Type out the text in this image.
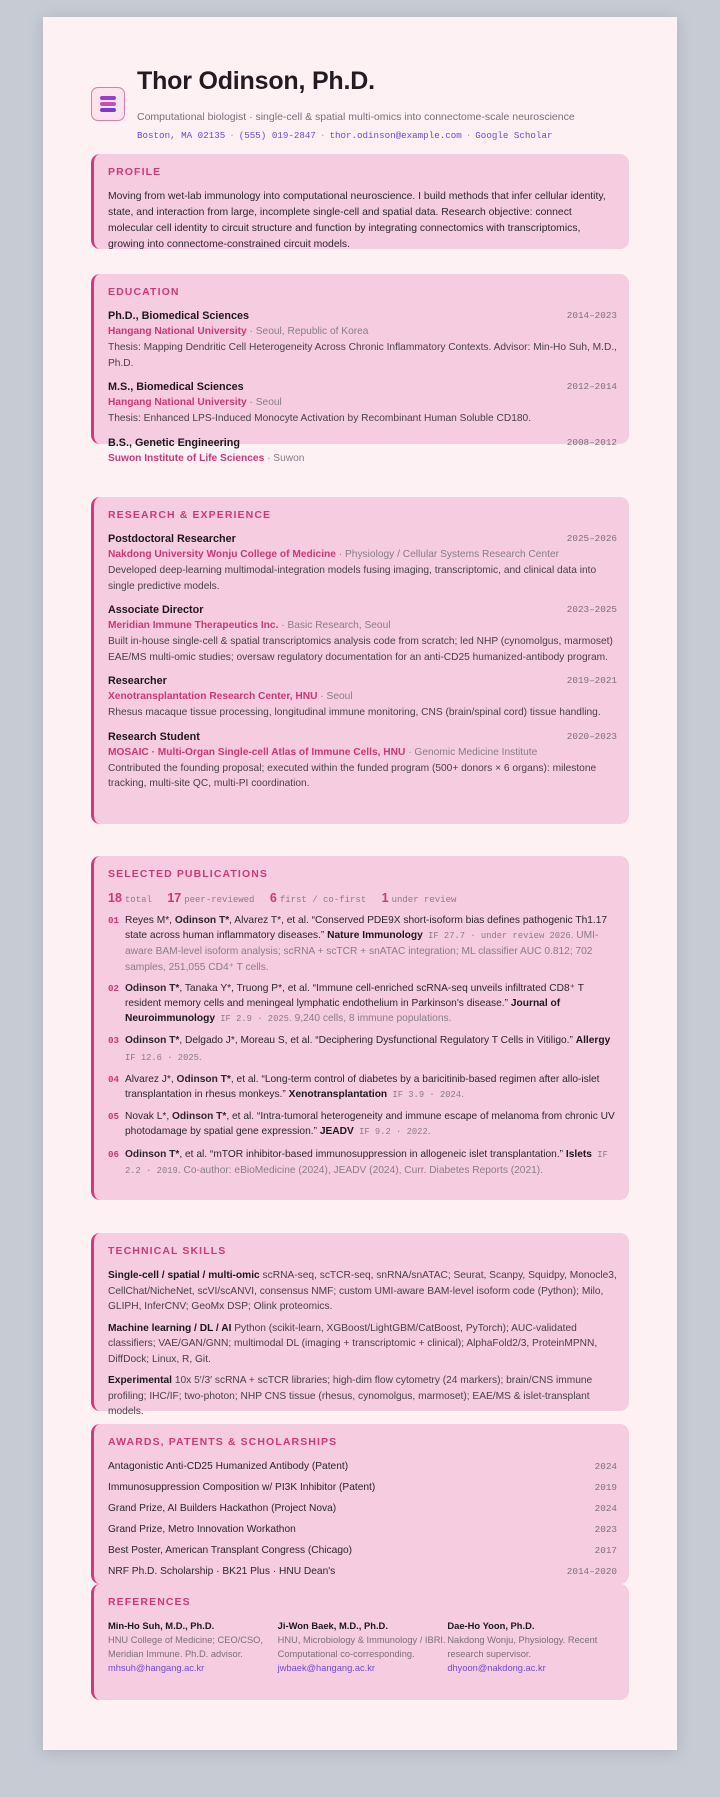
Thor Odinson, Ph.D.
Computational biologist · single-cell & spatial multi-omics into connectome-scale neuroscience
Boston, MA 02135 · (555) 019-2847 · thor.odinson@example.com · Google Scholar
PROFILE
Moving from wet-lab immunology into computational neuroscience. I build methods that infer cellular identity, state, and interaction from large, incomplete single-cell and spatial data. Research objective: connect molecular cell identity to circuit structure and function by integrating connectomics with transcriptomics, growing into connectome-constrained circuit models.
EDUCATION
Ph.D., Biomedical Sciences	2014–2023
Hangang National University · Seoul, Republic of Korea
Thesis: Mapping Dendritic Cell Heterogeneity Across Chronic Inflammatory Contexts. Advisor: Min-Ho Suh, M.D., Ph.D.
M.S., Biomedical Sciences	2012–2014
Hangang National University · Seoul
Thesis: Enhanced LPS-Induced Monocyte Activation by Recombinant Human Soluble CD180.
B.S., Genetic Engineering	2008–2012
Suwon Institute of Life Sciences · Suwon
RESEARCH & EXPERIENCE
Postdoctoral Researcher	2025–2026
Nakdong University Wonju College of Medicine · Physiology / Cellular Systems Research Center
Developed deep-learning multimodal-integration models fusing imaging, transcriptomic, and clinical data into single predictive models.
Associate Director	2023–2025
Meridian Immune Therapeutics Inc. · Basic Research, Seoul
Built in-house single-cell & spatial transcriptomics analysis code from scratch; led NHP (cynomolgus, marmoset) EAE/MS multi-omic studies; oversaw regulatory documentation for an anti-CD25 humanized-antibody program.
Researcher	2019–2021
Xenotransplantation Research Center, HNU · Seoul
Rhesus macaque tissue processing, longitudinal immune monitoring, CNS (brain/spinal cord) tissue handling.
Research Student	2020–2023
MOSAIC · Multi-Organ Single-cell Atlas of Immune Cells, HNU · Genomic Medicine Institute
Contributed the founding proposal; executed within the funded program (500+ donors × 6 organs): milestone tracking, multi-site QC, multi-PI coordination.
SELECTED PUBLICATIONS
18 total 17 peer-reviewed 6 first / co-first 1 under review
01 Reyes M*, Odinson T*, Alvarez T*, et al. “Conserved PDE9X short-isoform bias defines pathogenic Th1.17 state across human inflammatory diseases.” Nature Immunology IF 27.7 · under review 2026. UMI-aware BAM-level isoform analysis; scRNA + scTCR + snATAC integration; ML classifier AUC 0.812; 702 samples, 251,055 CD4⁺ T cells.
02 Odinson T*, Tanaka Y*, Truong P*, et al. “Immune cell-enriched scRNA-seq unveils infiltrated CD8⁺ T resident memory cells and meningeal lymphatic endothelium in Parkinson's disease.” Journal of Neuroimmunology IF 2.9 · 2025. 9,240 cells, 8 immune populations.
03 Odinson T*, Delgado J*, Moreau S, et al. “Deciphering Dysfunctional Regulatory T Cells in Vitiligo.” Allergy IF 12.6 · 2025.
04 Alvarez J*, Odinson T*, et al. “Long-term control of diabetes by a baricitinib-based regimen after allo-islet transplantation in rhesus monkeys.” Xenotransplantation IF 3.9 · 2024.
05 Novak L*, Odinson T*, et al. “Intra-tumoral heterogeneity and immune escape of melanoma from chronic UV photodamage by spatial gene expression.” JEADV IF 9.2 · 2022.
06 Odinson T*, et al. “mTOR inhibitor-based immunosuppression in allogeneic islet transplantation.” Islets IF 2.2 · 2019. Co-author: eBioMedicine (2024), JEADV (2024), Curr. Diabetes Reports (2021).
TECHNICAL SKILLS
Single-cell / spatial / multi-omic scRNA-seq, scTCR-seq, snRNA/snATAC; Seurat, Scanpy, Squidpy, Monocle3, CellChat/NicheNet, scVI/scANVI, consensus NMF; custom UMI-aware BAM-level isoform code (Python); Milo, GLIPH, InferCNV; GeoMx DSP; Olink proteomics.
Machine learning / DL / AI Python (scikit-learn, XGBoost/LightGBM/CatBoost, PyTorch); AUC-validated classifiers; VAE/GAN/GNN; multimodal DL (imaging + transcriptomic + clinical); AlphaFold2/3, ProteinMPNN, DiffDock; Linux, R, Git.
Experimental 10x 5′/3′ scRNA + scTCR libraries; high-dim flow cytometry (24 markers); brain/CNS immune profiling; IHC/IF; two-photon; NHP CNS tissue (rhesus, cynomolgus, marmoset); EAE/MS & islet-transplant models.
AWARDS, PATENTS & SCHOLARSHIPS
Antagonistic Anti-CD25 Humanized Antibody (Patent)	2024
Immunosuppression Composition w/ PI3K Inhibitor (Patent)	2019
Grand Prize, AI Builders Hackathon (Project Nova)	2024
Grand Prize, Metro Innovation Workathon	2023
Best Poster, American Transplant Congress (Chicago)	2017
NRF Ph.D. Scholarship · BK21 Plus · HNU Dean's	2014–2020
REFERENCES
Min-Ho Suh, M.D., Ph.D.
HNU College of Medicine; CEO/CSO, Meridian Immune. Ph.D. advisor.
mhsuh@hangang.ac.kr
Ji-Won Baek, M.D., Ph.D.
HNU, Microbiology & Immunology / IBRI. Computational co-corresponding.
jwbaek@hangang.ac.kr
Dae-Ho Yoon, Ph.D.
Nakdong Wonju, Physiology. Recent research supervisor.
dhyoon@nakdong.ac.kr
